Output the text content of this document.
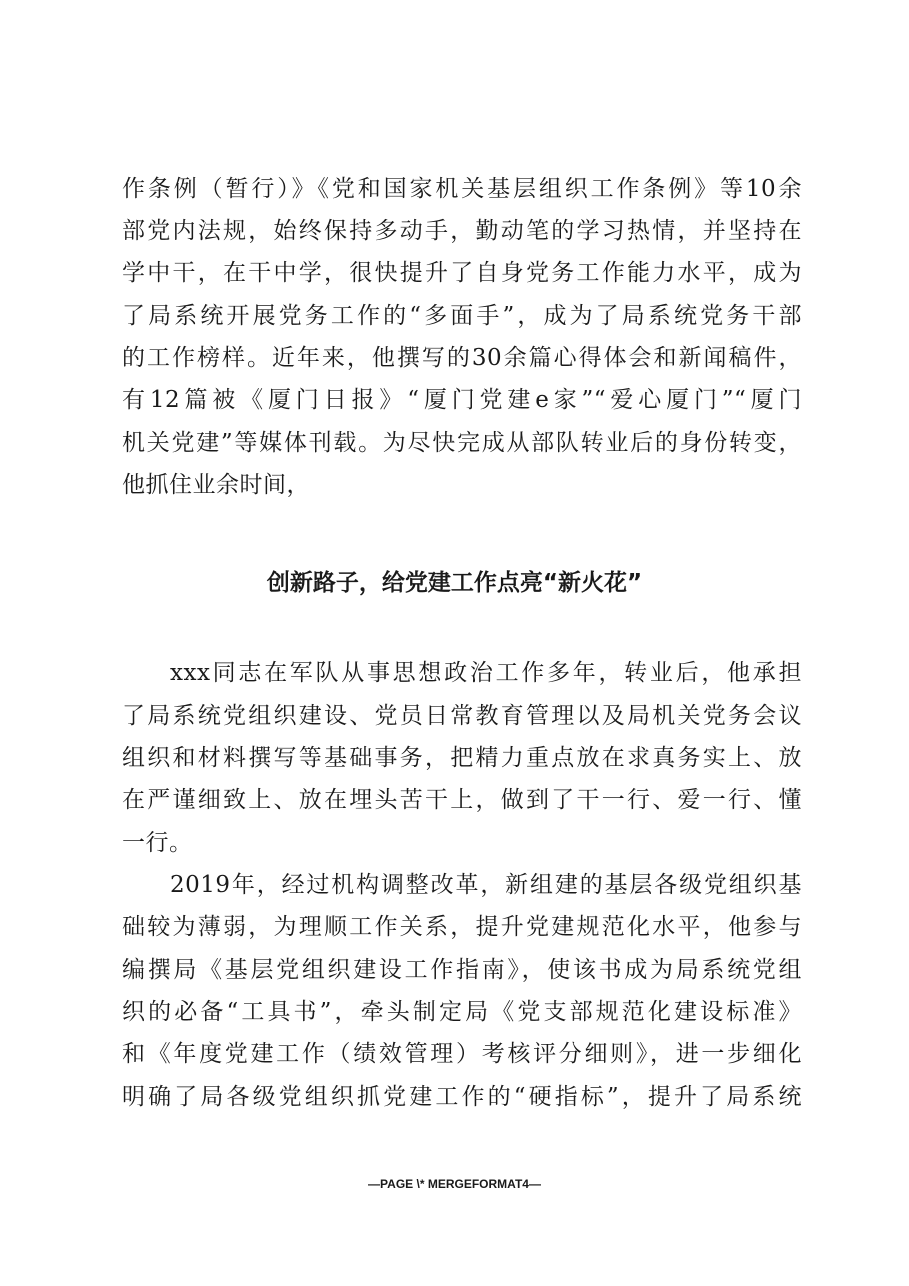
作条例（暂行）》《党和国家机关基层组织工作条例》等10余
部党内法规，始终保持多动手，勤动笔的学习热情，并坚持在
学中干，在干中学，很快提升了自身党务工作能力水平，成为
了局系统开展党务工作的“多面手”，成为了局系统党务干部
的工作榜样。近年来，他撰写的30余篇心得体会和新闻稿件，
有12篇被《厦门日报》“厦门党建e家”“爱心厦门”“厦门
机关党建”等媒体刊载。为尽快完成从部队转业后的身份转变，
他抓住业余时间，
创新路子，给党建工作点亮“新火花”
xxx同志在军队从事思想政治工作多年，转业后，他承担
了局系统党组织建设、党员日常教育管理以及局机关党务会议
组织和材料撰写等基础事务，把精力重点放在求真务实上、放
在严谨细致上、放在埋头苦干上，做到了干一行、爱一行、懂
一行。
2019年，经过机构调整改革，新组建的基层各级党组织基
础较为薄弱，为理顺工作关系，提升党建规范化水平，他参与
编撰局《基层党组织建设工作指南》，使该书成为局系统党组
织的必备“工具书”，牵头制定局《党支部规范化建设标准》
和《年度党建工作（绩效管理）考核评分细则》，进一步细化
明确了局各级党组织抓党建工作的“硬指标”，提升了局系统
—PAGE \* MERGEFORMAT4—
